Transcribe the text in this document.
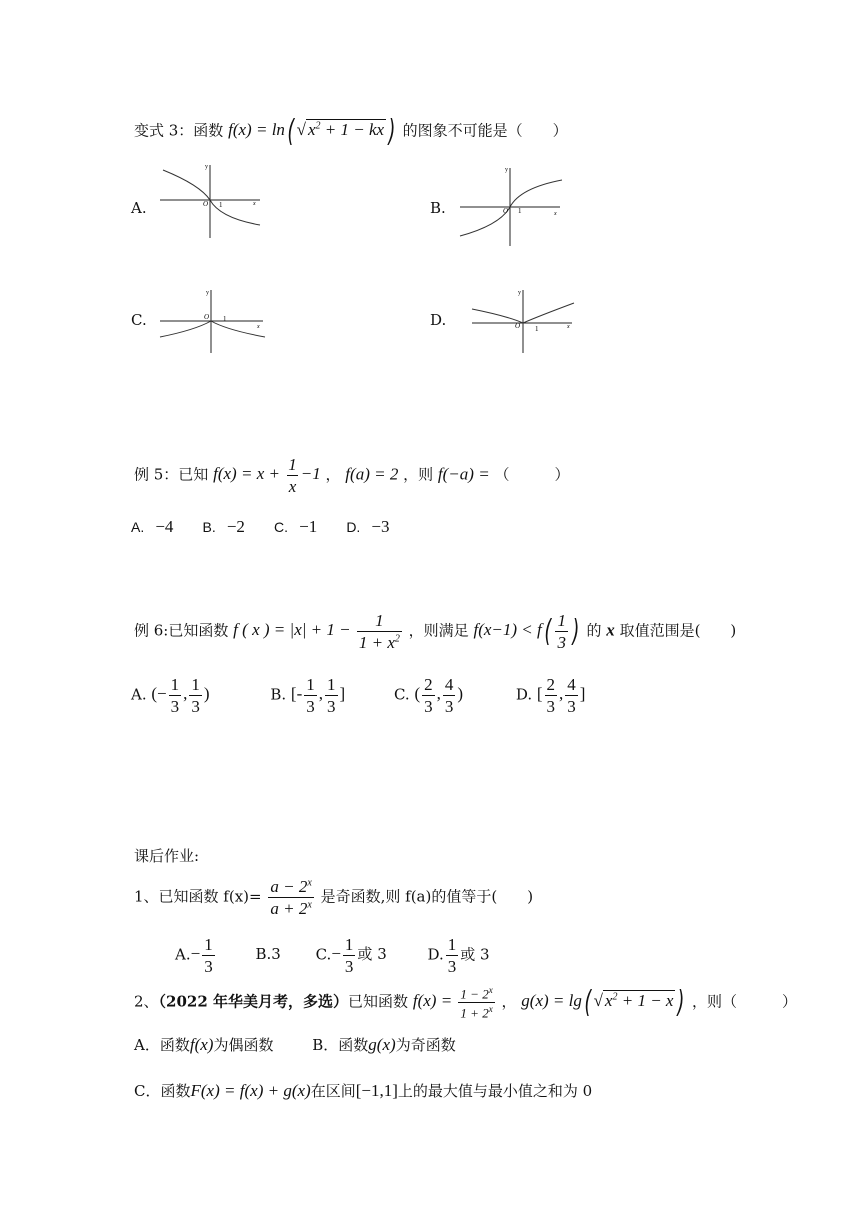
变式 3：函数 f(x) = ln( √ $x^2 + 1$ − kx ) 的图象不可能是（　　）
A.	B.
C.	D.
y
O 1	x
y
O 1	x
y
O 1
x
y
O 1	x
例 5：已知 $f(x) = x + \frac{1}{x} -1$ ， f(a) = 2 ，则 f(−a) = （　　　）
A. −4 B. −2 C. −1 D. −3
例 6:已知函数 f ( x ) = $|x| + 1 - \frac{1}{1 + x^2}$ ，则满足 $f(x-1) < f( \frac{1}{3}$ ) 的 x 取值范围是(　　)
A. (− $\frac{1}{3}$ , $\frac{1}{3}$ )	B. [- $\frac{1}{3}$ , $\frac{1}{3}$ ]	C. ( $\frac{2}{3}$ , $\frac{4}{3}$ )	D. [ $\frac{2}{3}$ , $\frac{4}{3}$ ]
课后作业:
1、已知函数 $f(x)= \frac{a - 2^x}{a + 2^x}$ 是奇函数,则 f(a)的值等于(　　)
$A.- \frac{1}{3}$	B.3 $C.- \frac{1}{3}$ 或 3	D. $\frac{1}{3}$ 或 3
2、（2022 年华美月考，多选）已知函数 $f(x) = \frac{1 - 2^x}{1 + 2^x}$ ， g(x) = lg( √ $x^2 + 1 - x$ ) ，则（　　　）
A．函数f(x)为偶函数	B．函数g(x)为奇函数
C．函数F(x) = f(x) + g(x)在区间[−1,1]上的最大值与最小值之和为 0
